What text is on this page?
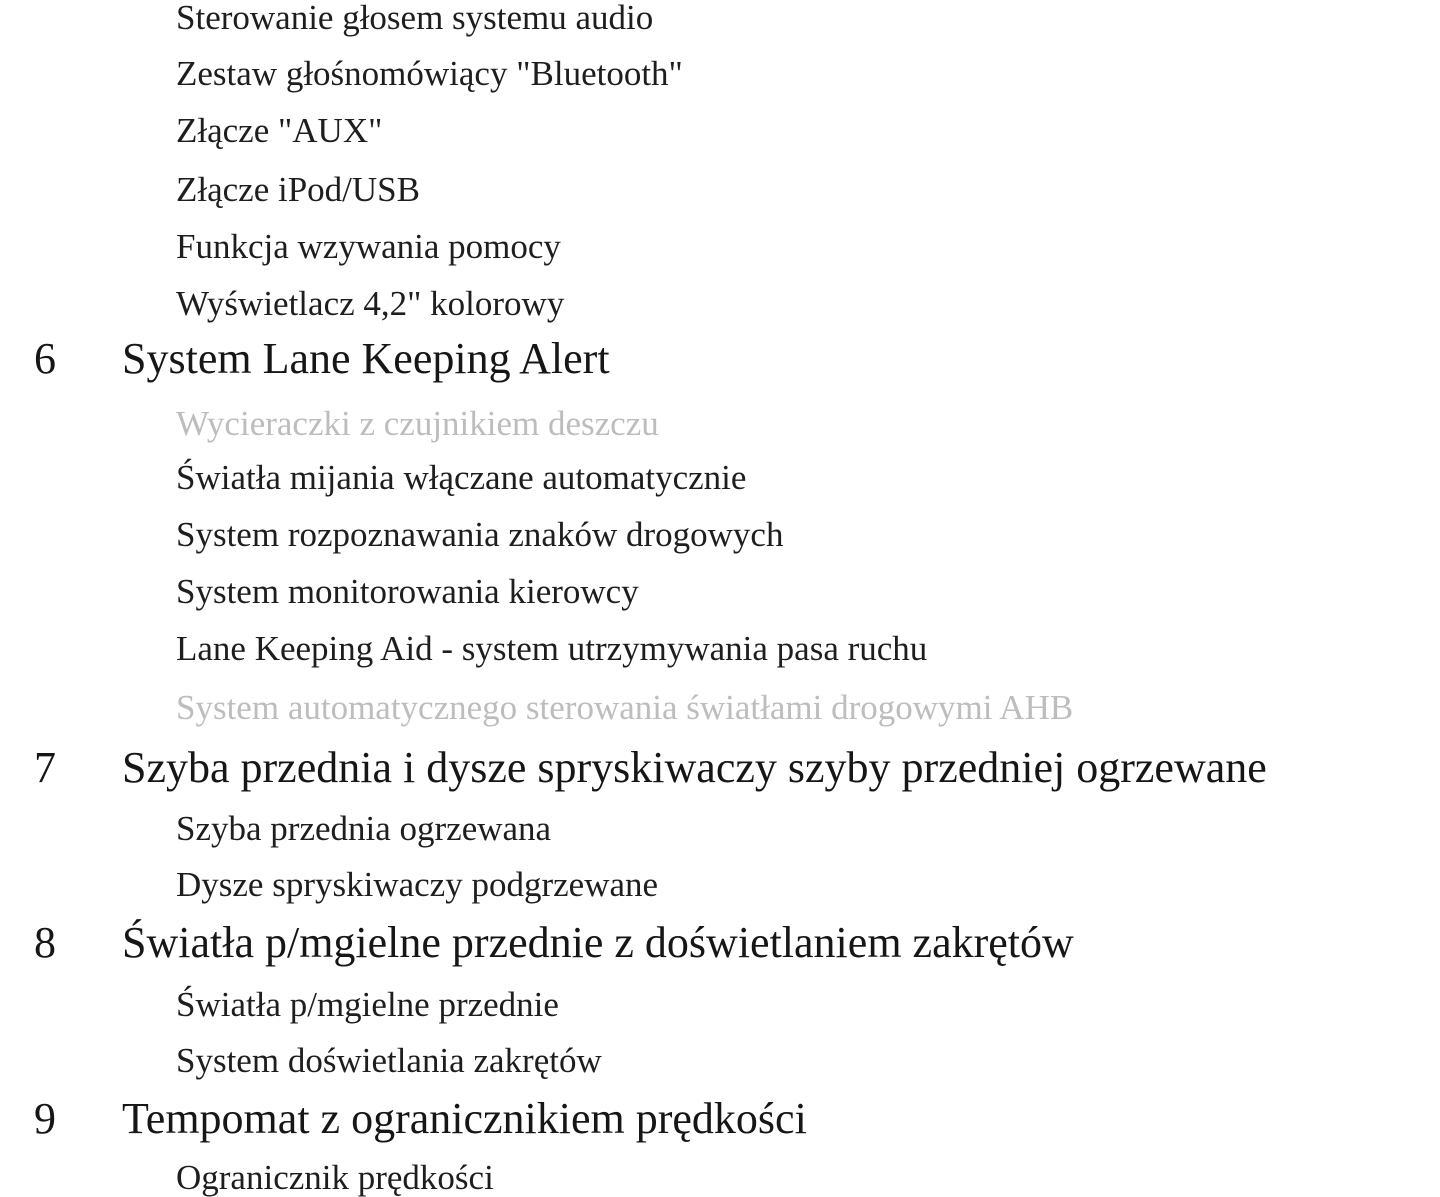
Sterowanie głosem systemu audio
Zestaw głośnomówiący "Bluetooth"
Złącze "AUX"
Złącze iPod/USB
Funkcja wzywania pomocy
Wyświetlacz 4,2" kolorowy
6 System Lane Keeping Alert
Wycieraczki z czujnikiem deszczu
Światła mijania włączane automatycznie
System rozpoznawania znaków drogowych
System monitorowania kierowcy
Lane Keeping Aid - system utrzymywania pasa ruchu
System automatycznego sterowania światłami drogowymi AHB
7 Szyba przednia i dysze spryskiwaczy szyby przedniej ogrzewane
Szyba przednia ogrzewana
Dysze spryskiwaczy podgrzewane
8 Światła p/mgielne przednie z doświetlaniem zakrętów
Światła p/mgielne przednie
System doświetlania zakrętów
9 Tempomat z ogranicznikiem prędkości
Ogranicznik prędkości
